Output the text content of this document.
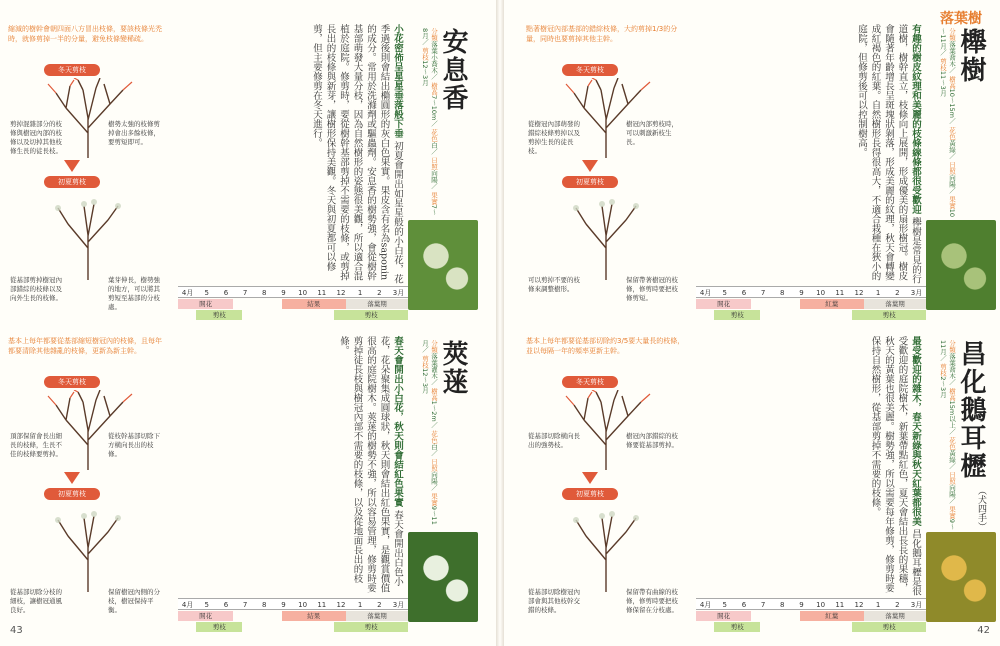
落葉樹
43	42
縮減的樹幹會朝四面八方冒出枝條，要該枝條光禿時，就修剪掉一半的分量，避免枝條變稀疏。
冬天剪枝
剪掉混雜部分的枝條與樹冠內部的枝條以及切掉其他枝條生長的徒長枝。
樹勢太強的枝條剪掉會出多餘枝條，要剪短即可。
初夏剪枝
從基部剪掉樹冠內部錯綜的枝條以及向外生長的枝條。
葉芽伸長，樹勢強的地方，可以將其剪短至基部的分枝處。
小花密佈呈星星垂落般下垂 初夏會開出如星星般的小白花，花季過後則會結出橢圓形的灰白色果實。果皮含有名為saponin的成分。常用於洗滌劑或驅蟲劑。安息香的樹勢強，會從樹幹基部萌發大量分枝，因為自然樹形的姿態很美觀，所以適合混植於庭院。修剪時，要從樹幹基部剪掉不需要的枝條，或剪掉長出的枝條與新芽，讓樹形保持美觀。冬天與初夏都可以修剪，但主要修剪在冬天進行。	安息香
分類落葉小喬木／ 樹高7～10m／ 花色白／ 日照向陽／ 果實7～8月／ 剪枝12～3月
4月	5	6	7	8	9	10	11	12	1	2	3月
開花	結果	落葉期
剪枝	剪枝
點著樹冠內部基部的錯綜枝條，大約剪掉1/3的分量，同時也要剪掉其他主幹。
冬天剪枝
從樹冠內部萌發的錯綜枝條剪掉以及剪掉生長的徒長枝。
樹冠內部剪枝時，可以刺激新枝生長。
初夏剪枝
可以剪掉不要的枝條來調整樹形。
保留帶著樹冠的枝條，修剪時要把枝條剪短。
有趣的樹皮紋理和美麗的枝條線條都很受歡迎 櫸樹是常見的行道樹，樹幹直立，枝條向上展開，形成優美的扇形樹冠。樹皮會隨著年齡增長呈斑塊狀剝落，形成美麗的紋理，秋天會轉變成紅褐色的紅葉。自然樹形長得很高大，不適合栽種在狹小的庭院，但修剪後可以控制樹高。	櫸樹
分類落葉喬木／ 樹高10～15m／ 花色黃綠／ 日照向陽／ 果實10～11月／ 剪枝11～3月
4月	5	6	7	8	9	10	11	12	1	2	3月
開花	紅葉	落葉期
剪枝	剪枝
基本上每年都要從基部縮短樹冠內的枝條，且每年都要清除其他雜亂的枝條，更新為新主幹。
冬天剪枝
頂部保留會長出細長的枝條，生長不佳的枝條要剪掉。
從枝幹基部切除下方橫向長出的枝條。
初夏剪枝
從基部切除分枝的細枝，讓樹冠通風良好。
保留樹冠內側的分枝，樹冠保持平衡。
春天會開出小白花，秋天則會結紅色果實 春天會開出白色小花，花朵聚集成圓球狀，秋天則會結出紅色果實，是觀賞價值很高的庭院樹木。莢蒾的樹勢不強，所以容易管理，修剪時要剪掉徒長枝與樹冠內部不需要的枝條，以及從地面長出的枝條。	莢蒾
分類落葉灌木／ 樹高1～2m／ 花色白／ 日照向陽／ 果實9～11月／ 剪枝12～3月
4月	5	6	7	8	9	10	11	12	1	2	3月
開花	結果	落葉期
剪枝	剪枝
基本上每年都要從基部切除約3/5要大量長的枝條，並以每隔一年的頻率更新主幹。
冬天剪枝
從基部切除橫向長出的強勢枝。
樹冠內部錯綜的枝條要從基部剪掉。
初夏剪枝
從基部切除樹冠內部會與其他枝幹交錯的枝條。
保留帶有曲線的枝條，修剪時要把枝條保留在分枝處。
最受歡迎的雜木，春天新綠與秋天紅葉都很美 昌化鵝耳櫪是很受歡迎的庭院樹木，新葉帶點紅色，夏天會結出長長的果穗，秋天的黃葉也很美麗。樹勢強，所以需要每年修剪，修剪時要保持自然樹形，從基部剪掉不需要的枝條。	昌化鵝耳櫪
分類落葉喬木／ 樹高15m以上／ 花色黃綠／ 日照向陽／ 果實9～11月／ 剪枝2～3月
（犬四手）
4月	5	6	7	8	9	10	11	12	1	2	3月
開花	紅葉	落葉期
剪枝	剪枝
